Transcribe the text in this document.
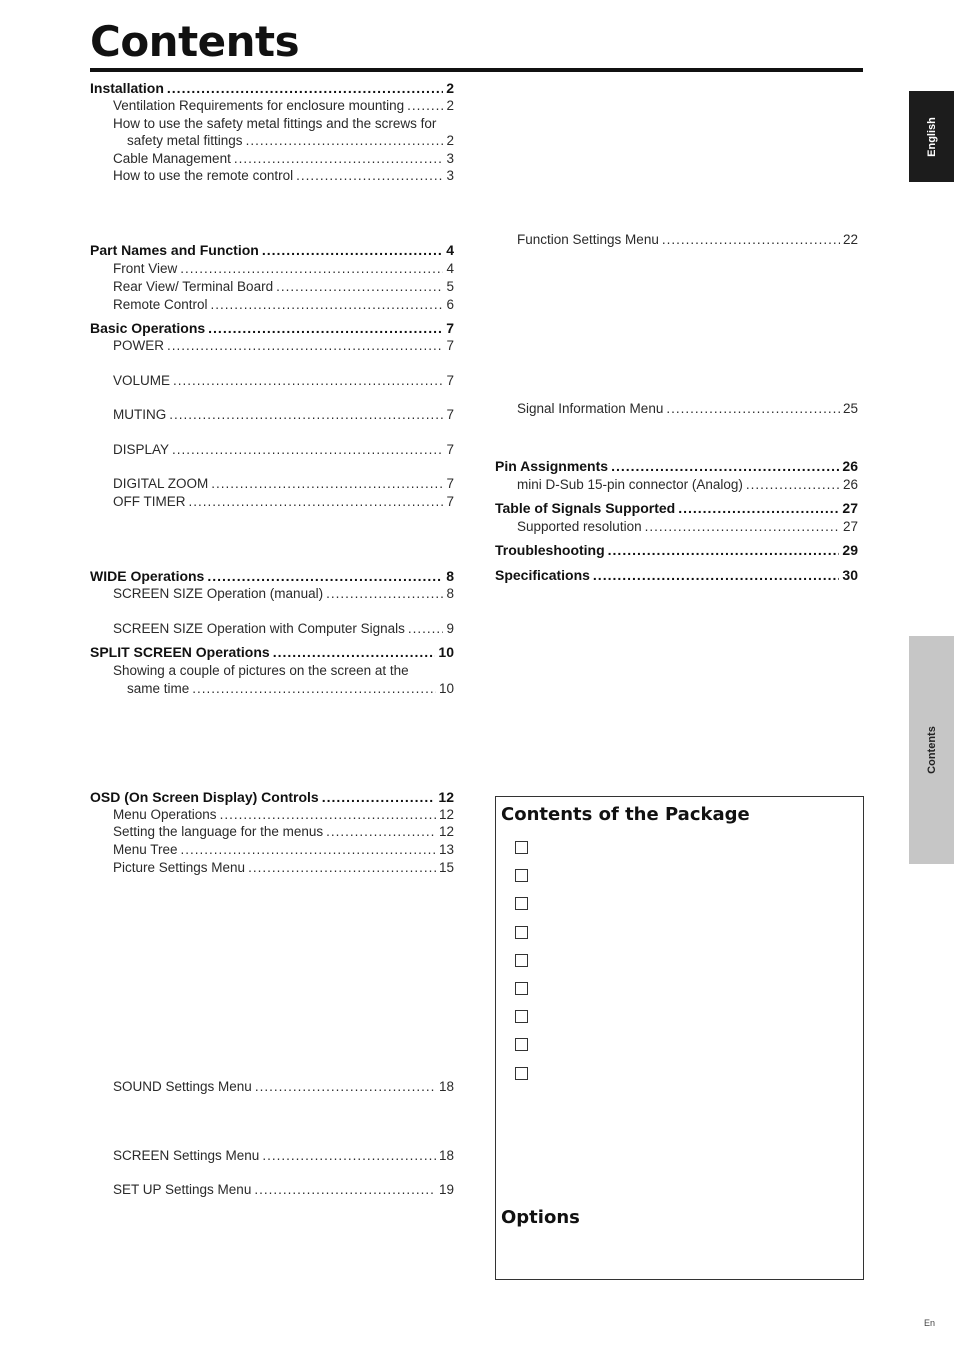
Contents
Installation .....	2
Ventilation Requirements for enclosure mounting .....	2
How to use the safety metal fittings and the screws for
safety metal fittings .....	2
Cable Management .....	3
How to use the remote control .....	3
Part Names and Function .....	4
Front View .....	4
Rear View/ Terminal Board .....	5
Remote Control .....	6
Basic Operations .....	7
POWER .....	7
VOLUME .....	7
MUTING .....	7
DISPLAY .....	7
DIGITAL ZOOM .....	7
OFF TIMER .....	7
WIDE Operations .....	8
SCREEN SIZE Operation (manual) .....	8
SCREEN SIZE Operation with Computer Signals .....	9
SPLIT SCREEN Operations .....	10
Showing a couple of pictures on the screen at the
same time .....	10
OSD (On Screen Display) Controls .....	12
Menu Operations .....	12
Setting the language for the menus .....	12
Menu Tree .....	13
Picture Settings Menu .....	15
SOUND Settings Menu .....	18
SCREEN Settings Menu .....	18
SET UP Settings Menu .....	19
Function Settings Menu .....	22
Signal Information Menu .....	25
Pin Assignments .....	26
mini D-Sub 15-pin connector (Analog) .....	26
Table of Signals Supported .....	27
Supported resolution .....	27
Troubleshooting .....	29
Specifications .....	30
English
Contents
Contents of the Package
Options
En
